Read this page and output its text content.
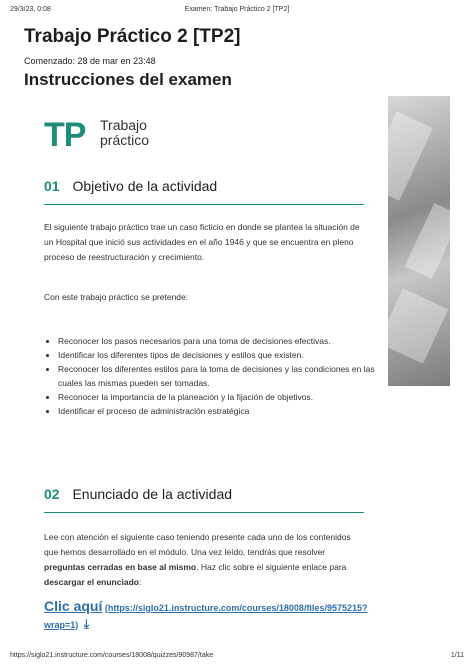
29/3/23, 0:08	Examen: Trabajo Práctico 2 [TP2]
Trabajo Práctico 2 [TP2]
Comenzado: 28 de mar en 23:48
Instrucciones del examen
TP Trabajo
práctico
01 Objetivo de la actividad
El siguiente trabajo práctico trae un caso ficticio en donde se plantea la situación de un Hospital que inició sus actividades en el año 1946 y que se encuentra en pleno proceso de reestructuración y crecimiento.
Con este trabajo práctico se pretende:
• Reconocer los pasos necesarios para una toma de decisiones efectivas.
• Identificar los diferentes tipos de decisiones y estilos que existen.
• Reconocer los diferentes estilos para la toma de decisiones y las condiciones en las cuales las mismas pueden ser tomadas.
• Reconocer la importancia de la planeación y la fijación de objetivos.
• Identificar el proceso de administración estratégica
02 Enunciado de la actividad
Lee con atención el siguiente caso teniendo presente cada uno de los contenidos que hemos desarrollado en el módulo. Una vez leído, tendrás que resolver preguntas cerradas en base al mismo. Haz clic sobre el siguiente enlace para descargar el enunciado:
Clic aquí (https://siglo21.instructure.com/courses/18008/files/9575215?wrap=1) ⤓
https://siglo21.instructure.com/courses/18008/quizzes/90987/take	1/11
